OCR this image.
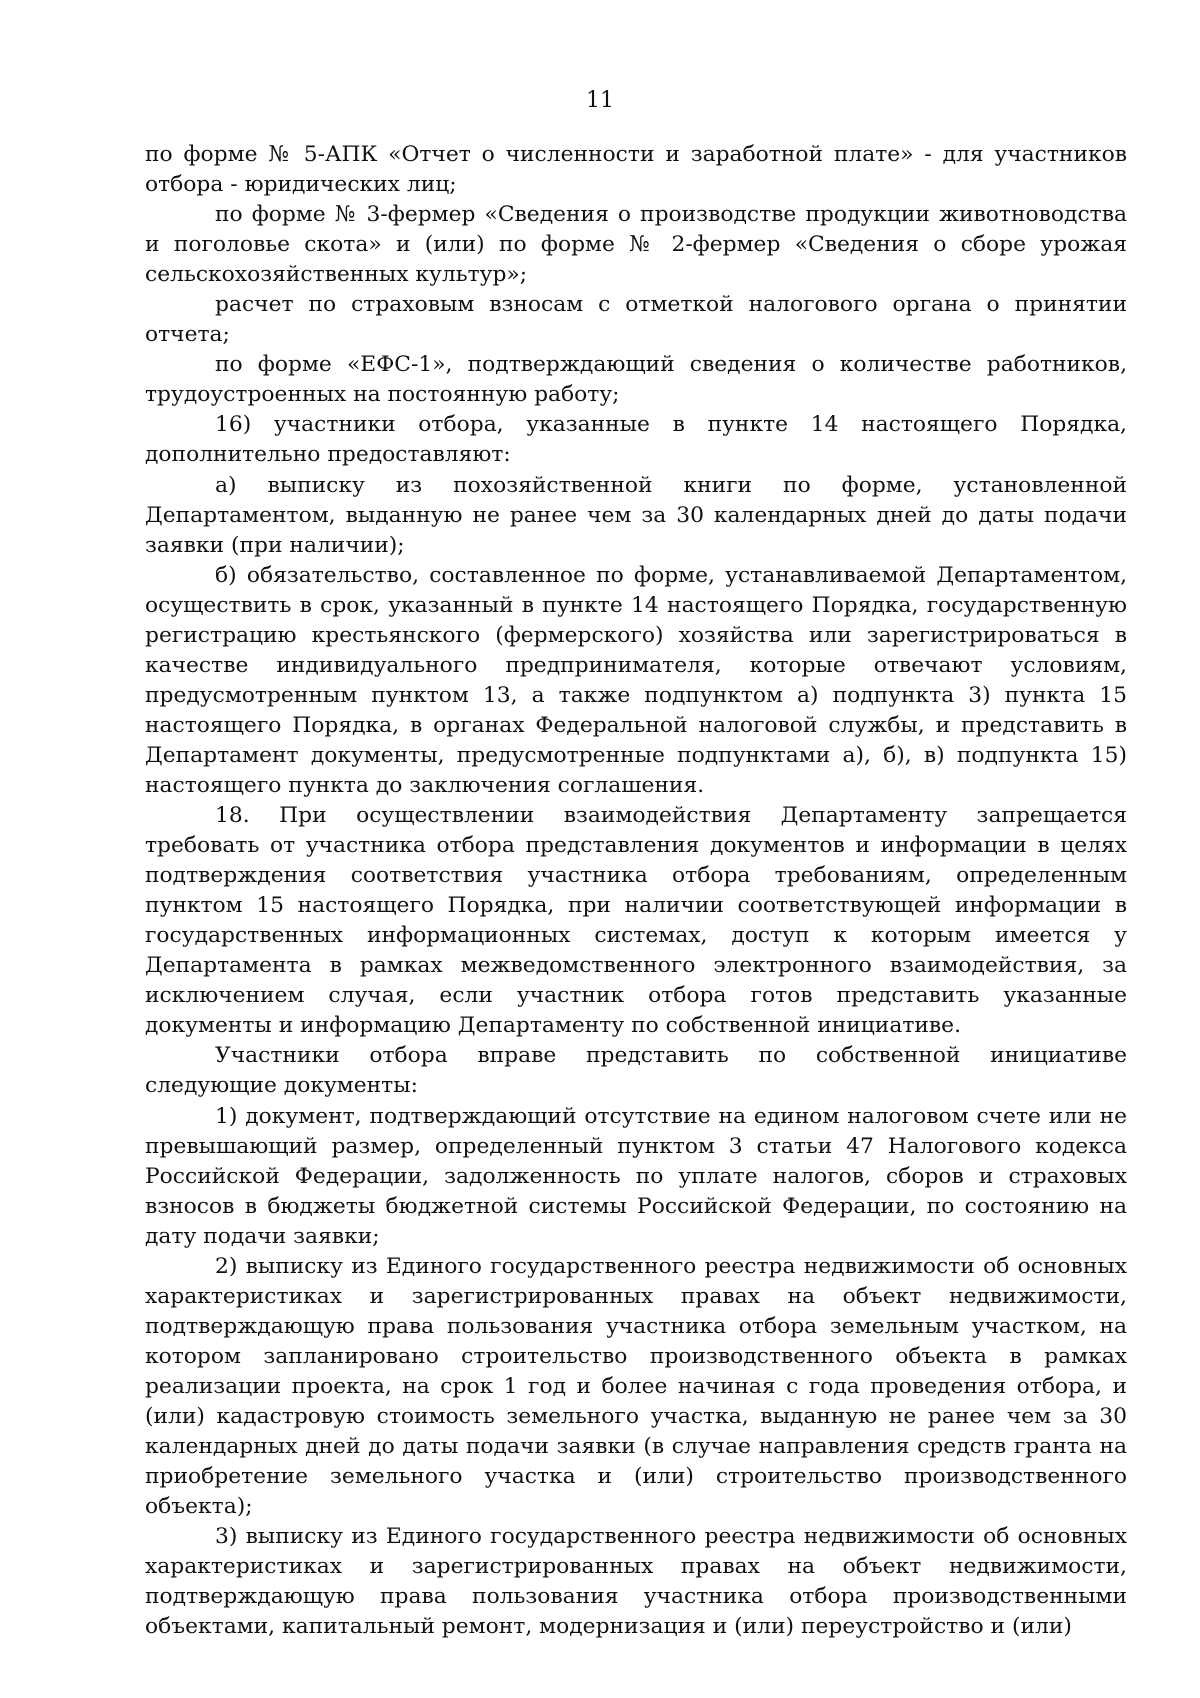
11

по форме № 5-АПК «Отчет о численности и заработной плате» - для участников отбора - юридических лиц;

по форме № 3-фермер «Сведения о производстве продукции животноводства и поголовье скота» и (или) по форме № 2-фермер «Сведения о сборе урожая сельскохозяйственных культур»;

расчет по страховым взносам с отметкой налогового органа о принятии отчета;

по форме «ЕФС-1», подтверждающий сведения о количестве работников, трудоустроенных на постоянную работу;

16) участники отбора, указанные в пункте 14 настоящего Порядка, дополнительно предоставляют:

а) выписку из похозяйственной книги по форме, установленной Департаментом, выданную не ранее чем за 30 календарных дней до даты подачи заявки (при наличии);

б) обязательство, составленное по форме, устанавливаемой Департаментом, осуществить в срок, указанный в пункте 14 настоящего Порядка, государственную регистрацию крестьянского (фермерского) хозяйства или зарегистрироваться в качестве индивидуального предпринимателя, которые отвечают условиям, предусмотренным пунктом 13, а также подпунктом а) подпункта 3) пункта 15 настоящего Порядка, в органах Федеральной налоговой службы, и представить в Департамент документы, предусмотренные подпунктами а), б), в) подпункта 15) настоящего пункта до заключения соглашения.

18. При осуществлении взаимодействия Департаменту запрещается требовать от участника отбора представления документов и информации в целях подтверждения соответствия участника отбора требованиям, определенным пунктом 15 настоящего Порядка, при наличии соответствующей информации в государственных информационных системах, доступ к которым имеется у Департамента в рамках межведомственного электронного взаимодействия, за исключением случая, если участник отбора готов представить указанные документы и информацию Департаменту по собственной инициативе.

Участники отбора вправе представить по собственной инициативе следующие документы:

1) документ, подтверждающий отсутствие на едином налоговом счете или не превышающий размер, определенный пунктом 3 статьи 47 Налогового кодекса Российской Федерации, задолженность по уплате налогов, сборов и страховых взносов в бюджеты бюджетной системы Российской Федерации, по состоянию на дату подачи заявки;

2) выписку из Единого государственного реестра недвижимости об основных характеристиках и зарегистрированных правах на объект недвижимости, подтверждающую права пользования участника отбора земельным участком, на котором запланировано строительство производственного объекта в рамках реализации проекта, на срок 1 год и более начиная с года проведения отбора, и (или) кадастровую стоимость земельного участка, выданную не ранее чем за 30 календарных дней до даты подачи заявки (в случае направления средств гранта на приобретение земельного участка и (или) строительство производственного объекта);

3) выписку из Единого государственного реестра недвижимости об основных характеристиках и зарегистрированных правах на объект недвижимости, подтверждающую права пользования участника отбора производственными объектами, капитальный ремонт, модернизация и (или) переустройство и (или)
